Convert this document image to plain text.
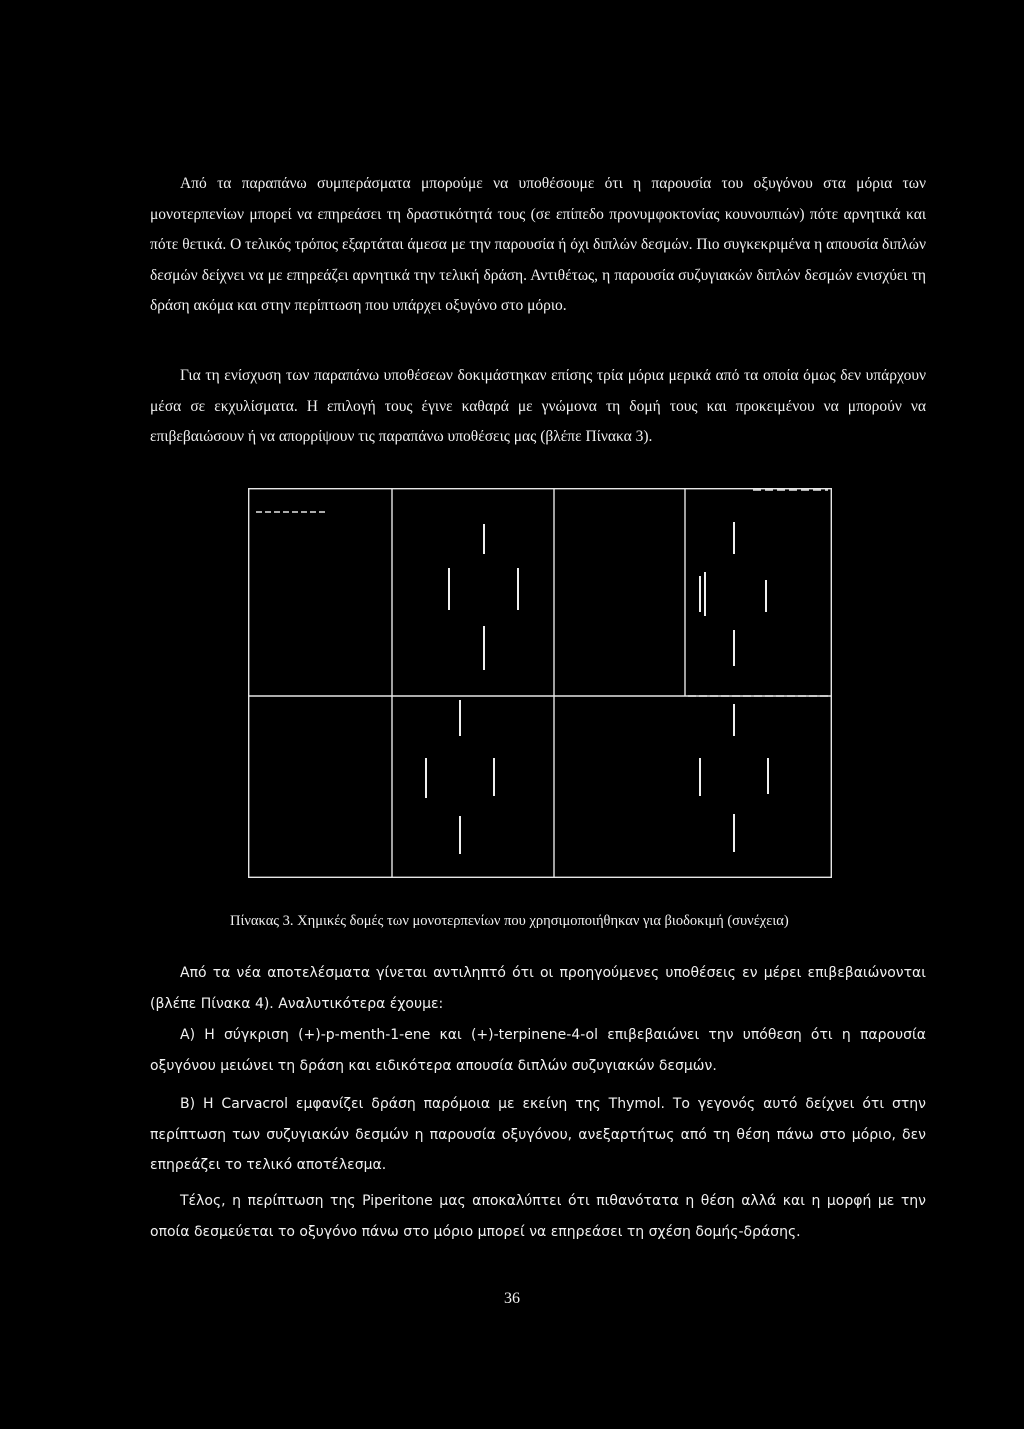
Από τα παραπάνω συμπεράσματα μπορούμε να υποθέσουμε ότι η παρουσία του οξυγόνου στα μόρια των μονοτερπενίων μπορεί να επηρεάσει τη δραστικότητά τους (σε επίπεδο προνυμφοκτονίας κουνουπιών) πότε αρνητικά και πότε θετικά. Ο τελικός τρόπος εξαρτάται άμεσα με την παρουσία ή όχι διπλών δεσμών. Πιο συγκεκριμένα η απουσία διπλών δεσμών δείχνει να με επηρεάζει αρνητικά την τελική δράση. Αντιθέτως, η παρουσία συζυγιακών διπλών δεσμών ενισχύει τη δράση ακόμα και στην περίπτωση που υπάρχει οξυγόνο στο μόριο.

Για τη ενίσχυση των παραπάνω υποθέσεων δοκιμάστηκαν επίσης τρία μόρια μερικά από τα οποία όμως δεν υπάρχουν μέσα σε εκχυλίσματα. Η επιλογή τους έγινε καθαρά με γνώμονα τη δομή τους και προκειμένου να μπορούν να επιβεβαιώσουν ή να απορρίψουν τις παραπάνω υποθέσεις μας (βλέπε Πίνακα 3).

Πίνακας 3. Χημικές δομές των μονοτερπενίων που χρησιμοποιήθηκαν για βιοδοκιμή (συνέχεια)

Από τα νέα αποτελέσματα γίνεται αντιληπτό ότι οι προηγούμενες υποθέσεις εν μέρει επιβεβαιώνονται (βλέπε Πίνακα 4). Αναλυτικότερα έχουμε:

Α) Η σύγκριση (+)-p-menth-1-ene και (+)-terpinene-4-ol επιβεβαιώνει την υπόθεση ότι η παρουσία οξυγόνου μειώνει τη δράση και ειδικότερα απουσία διπλών συζυγιακών δεσμών.

Β) Η Carvacrol εμφανίζει δράση παρόμοια με εκείνη της Thymol. Το γεγονός αυτό δείχνει ότι στην περίπτωση των συζυγιακών δεσμών η παρουσία οξυγόνου, ανεξαρτήτως από τη θέση πάνω στο μόριο, δεν επηρεάζει το τελικό αποτέλεσμα.

Τέλος, η περίπτωση της Piperitone μας αποκαλύπτει ότι πιθανότατα η θέση αλλά και η μορφή με την οποία δεσμεύεται το οξυγόνο πάνω στο μόριο μπορεί να επηρεάσει τη σχέση δομής-δράσης.

36
